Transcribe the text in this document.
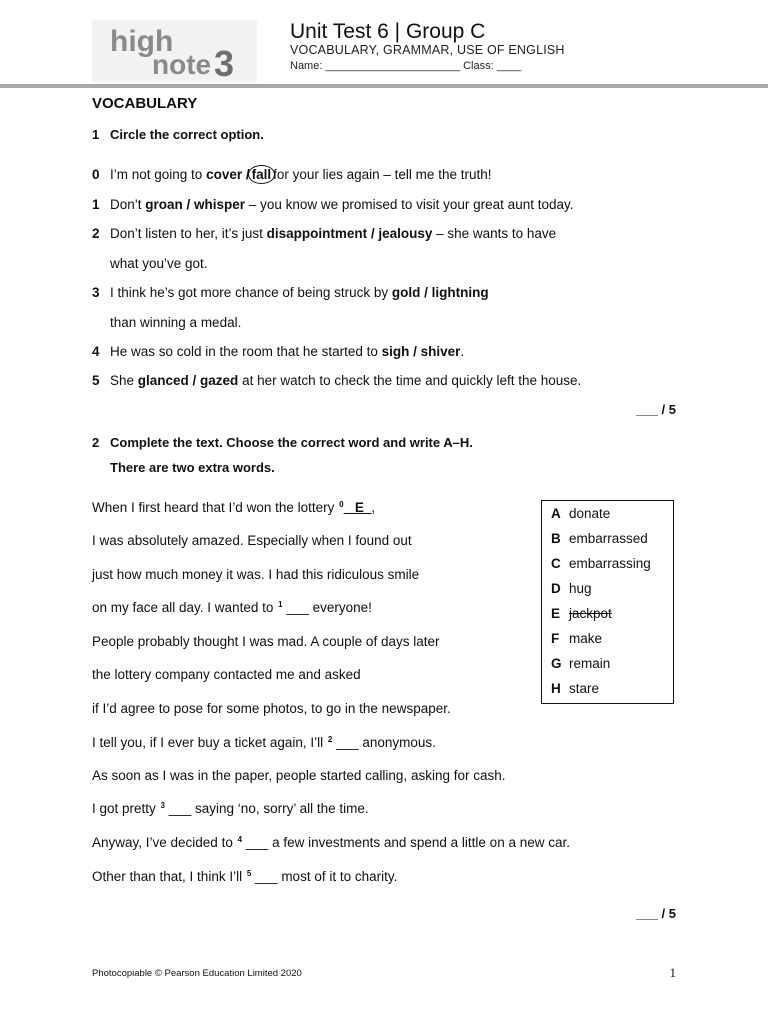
high
note 3
Unit Test 6 | Group C
VOCABULARY, GRAMMAR, USE OF ENGLISH
Name: ______________________ Class: ____
VOCABULARY
1 Circle the correct option.
0 I’m not going to cover / fall for your lies again – tell me the truth!
1 Don’t groan / whisper – you know we promised to visit your great aunt today.
2 Don’t listen to her, it’s just disappointment / jealousy – she wants to have
what you’ve got.
3 I think he’s got more chance of being struck by gold / lightning
than winning a medal.
4 He was so cold in the room that he started to sigh / shiver.
5 She glanced / gazed at her watch to check the time and quickly left the house.
___ / 5
2 Complete the text. Choose the correct word and write A–H.
There are two extra words.
When I first heard that I’d won the lottery $^0$ _E_,
I was absolutely amazed. Especially when I found out
just how much money it was. I had this ridiculous smile
on my face all day. I wanted to $^1$ ___ everyone!
People probably thought I was mad. A couple of days later
the lottery company contacted me and asked
if I’d agree to pose for some photos, to go in the newspaper.
I tell you, if I ever buy a ticket again, I’ll $^2$ ___ anonymous.
As soon as I was in the paper, people started calling, asking for cash.
I got pretty $^3$ ___ saying ‘no, sorry’ all the time.
Anyway, I’ve decided to $^4$ ___ a few investments and spend a little on a new car.
Other than that, I think I’ll $^5$ ___ most of it to charity.
A donate
B embarrassed
C embarrassing
D hug
E jackpot
F make
G remain
H stare
___ / 5
Photocopiable © Pearson Education Limited 2020	1
